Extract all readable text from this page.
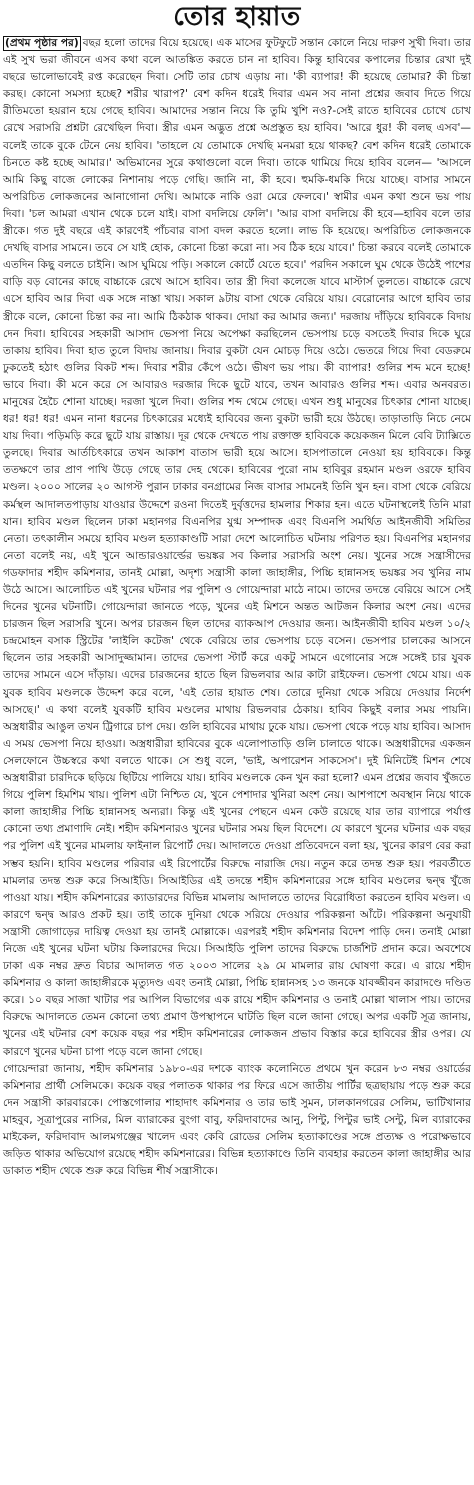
তোর হায়াত

(প্রথম পৃষ্ঠার পর) বছর হলো তাদের বিয়ে হয়েছে। এক মাসের ফুটফুটে সন্তান কোলে নিয়ে দারুণ সুখী দিবা। তার এই সুখ ভরা জীবনে এসব কথা বলে আতঙ্কিত করতে চান না হাবিব। কিন্তু হাবিবের কপালের চিন্তার রেখা দুই বছরে ভালোভাবেই রপ্ত করেছেন দিবা। সেটি তার চোখ এড়ায় না। 'কী ব্যাপার! কী হয়েছে তোমার? কী চিন্তা করছ। কোনো সমস্যা হচ্ছে? শরীর খারাপ?' বেশ কদিন ধরেই দিবার এমন সব নানা প্রশ্নের জবাব দিতে গিয়ে রীতিমতো হয়রান হয়ে গেছে হাবিব। আমাদের সন্তান নিয়ে কি তুমি খুশি নও?-সেই রাতে হাবিবের চোখে চোখ রেখে সরাসরি প্রশ্নটা রেখেছিল দিবা। স্ত্রীর এমন অদ্ভুত প্রশ্নে অপ্রস্তুত হয় হাবিব। 'আরে ধুর! কী বলছ এসব'—বলেই তাকে বুকে টেনে নেয় হাবিব। 'তাহলে যে তোমাকে দেখছি মনমরা হয়ে থাকছ? বেশ কদিন ধরেই তোমাকে চিনতে কষ্ট হচ্ছে আমার।' অভিমানের সুরে কথাগুলো বলে দিবা। তাকে থামিয়ে দিয়ে হাবিব বলেন— 'আসলে আমি কিছু বাজে লোকের নিশানায় পড়ে গেছি। জানি না, কী হবে। হুমকি-ধমকি দিয়ে যাচ্ছে। বাসার সামনে অপরিচিত লোকজনের আনাগোনা দেখি। আমাকে নাকি ওরা মেরে ফেলবে।' স্বামীর এমন কথা শুনে ভয় পায় দিবা। 'চল আমরা এখান থেকে চলে যাই। বাসা বদলিয়ে ফেলি'। 'আর বাসা বদলিয়ে কী হবে—হাবিব বলে তার স্ত্রীকে। গত দুই বছরে এই কারণেই পাঁচবার বাসা বদল করতে হলো। লাভ কি হয়েছে। অপরিচিত লোকজনকে দেখছি বাসার সামনে। তবে সে যাই হোক, কোনো চিন্তা করো না। সব ঠিক হয়ে যাবে।' চিন্তা করবে বলেই তোমাকে এতদিন কিছু বলতে চাইনি। আস ঘুমিয়ে পড়ি। সকালে কোর্টে যেতে হবে।' পরদিন সকালে ঘুম থেকে উঠেই পাশের বাড়ি বড় বোনের কাছে বাচ্চাকে রেখে আসে হাবিব। তার স্ত্রী দিবা কলেজে যাবে মাস্টার্স তুলতে। বাচ্চাকে রেখে এসে হাবিব আর দিবা এক সঙ্গে নাস্তা খায়। সকাল ৯টায় বাসা থেকে বেরিয়ে যায়। বেরোনোর আগে হাবিব তার স্ত্রীকে বলে, কোনো চিন্তা কর না। আমি ঠিকঠাক থাকব। দোয়া কর আমার জন্য।' দরজায় দাঁড়িয়ে হাবিবকে বিদায় দেন দিবা। হাবিবের সহকারী আসাদ ভেসপা নিয়ে অপেক্ষা করছিলেন ভেসপায় চড়ে বসতেই দিবার দিকে ঘুরে তাকায় হাবিব। দিবা হাত তুলে বিদায় জানায়। দিবার বুকটা যেন মোচড় দিয়ে ওঠে। ভেতরে গিয়ে দিবা বেডরুমে ঢুকতেই হঠাৎ গুলির বিকট শব্দ। দিবার শরীর কেঁপে ওঠে। ভীষণ ভয় পায়। কী ব্যাপার! গুলির শব্দ মনে হচ্ছে! ভাবে দিবা। কী মনে করে সে আবারও দরজার দিকে ছুটে যাবে, তখন আবারও গুলির শব্দ। এবার অনবরত। মানুষের হৈচৈ শোনা যাচ্ছে। দরজা খুলে দিবা। গুলির শব্দ থেমে গেছে। এখন শুধু মানুষের চিৎকার শোনা যাচ্ছে। ধর! ধর! ধর! এমন নানা ধরনের চিৎকারের মধ্যেই হাবিবের জন্য বুকটা ভারী হয়ে উঠছে। তাড়াতাড়ি নিচে নেমে যায় দিবা। পড়িমড়ি করে ছুটে যায় রাস্তায়। দূর থেকে দেখতে পায় রক্তাক্ত হাবিবকে কয়েকজন মিলে বেবি ট্যাক্সিতে তুলছে। দিবার আর্তচিৎকারে তখন আকাশ বাতাস ভারী হয়ে আসে। হাসপাতালে নেওয়া হয় হাবিবকে। কিন্তু ততক্ষণে তার প্রাণ পাখি উড়ে গেছে তার দেহ থেকে। হাবিবের পুরো নাম হাবিবুর রহমান মণ্ডল ওরফে হাবিব মণ্ডল। ২০০০ সালের ২০ আগস্ট পুরান ঢাকার বনগ্রামের নিজ বাসার সামনেই তিনি খুন হন। বাসা থেকে বেরিয়ে কর্মস্থল আদালতপাড়ায় যাওয়ার উদ্দেশে রওনা দিতেই দুর্বৃত্তদের হামলার শিকার হন। এতে ঘটনাস্থলেই তিনি মারা যান। হাবিব মণ্ডল ছিলেন ঢাকা মহানগর বিএনপির যুগ্ম সম্পাদক এবং বিএনপি সমর্থিত আইনজীবী সমিতির নেতা। তৎকালীন সময়ে হাবিব মণ্ডল হত্যাকাণ্ডটি সারা দেশে আলোচিত ঘটনায় পরিণত হয়। বিএনপির মহানগর নেতা বলেই নয়, এই খুনে আন্ডারওয়ার্ল্ডের ভয়ঙ্কর সব কিলার সরাসরি অংশ নেয়। খুনের সঙ্গে সন্ত্রাসীদের গডফাদার শহীদ কমিশনার, তানই মোল্লা, অদৃশ্য সন্ত্রাসী কালা জাহাঙ্গীর, পিচ্চি হান্নানসহ ভয়ঙ্কর সব খুনির নাম উঠে আসে। আলোচিত এই খুনের ঘটনার পর পুলিশ ও গোয়েন্দারা মাঠে নামে। তাদের তদন্তে বেরিয়ে আসে সেই দিনের খুনের ঘটনাটি। গোয়েন্দারা জানতে পড়ে, খুনের এই মিশনে অন্তত আটজন কিলার অংশ নেয়। এদের চারজন ছিল সরাসরি খুনে। অপর চারজন ছিল তাদের ব্যাকআপ দেওয়ার জন্য। আইনজীবী হাবিব মণ্ডল ১০/২ চন্দ্রমোহন বসাক স্ট্রিটের 'লাইলি কটেজ' থেকে বেরিয়ে তার ভেসপায় চড়ে বসেন। ভেসপার চালকের আসনে ছিলেন তার সহকারী আসাদুজ্জামান। তাদের ভেসপা স্টার্ট করে একটু সামনে এগোনোর সঙ্গে সঙ্গেই চার যুবক তাদের সামনে এসে দাঁড়ায়। এদের চারজনের হাতে ছিল রিভলবার আর কাটা রাইফেল। ভেসপা থেমে যায়। এক যুবক হাবিব মণ্ডলকে উদ্দেশ করে বলে, 'এই তোর হায়াত শেষ। তোরে দুনিয়া থেকে সরিয়ে দেওয়ার নির্দেশ আসছে।' এ কথা বলেই যুবকটি হাবিব মণ্ডলের মাথায় রিভলবার ঠেকায়। হাবিব কিছুই বলার সময় পায়নি। অস্ত্রধারীর আঙুল তখন ট্রিগারে চাপ দেয়। গুলি হাবিবের মাথায় ঢুকে যায়। ভেসপা থেকে পড়ে যায় হাবিব। আসাদ এ সময় ভেসপা নিয়ে হাওয়া। অস্ত্রধারীরা হাবিবের বুকে এলোপাতাড়ি গুলি চালাতে থাকে। অস্ত্রধারীদের একজন সেলফোনে উচ্চস্বরে কথা বলতে থাকে। সে শুধু বলে, 'ভাই, অপারেশন সাকসেস'। দুই মিনিটেই মিশন শেষে অস্ত্রধারীরা চারদিকে ছড়িয়ে ছিটিয়ে পালিয়ে যায়। হাবিব মণ্ডলকে কেন খুন করা হলো? এমন প্রশ্নের জবাব খুঁজতে গিয়ে পুলিশ হিমশিম খায়। পুলিশ এটা নিশ্চিত যে, খুনে পেশাদার খুনিরা অংশ নেয়। আশপাশে অবস্থান নিয়ে থাকে কালা জাহাঙ্গীর পিচ্চি হান্নানসহ অন্যরা। কিন্তু এই খুনের পেছনে এমন কেউ রয়েছে যার তার ব্যাপারে পর্যাপ্ত কোনো তথ্য প্রমাণাদি নেই। শহীদ কমিশনারও খুনের ঘটনার সময় ছিল বিদেশে। যে কারণে খুনের ঘটনার এক বছর পর পুলিশ এই খুনের মামলায় ফাইনাল রিপোর্ট দেয়। আদালতে দেওয়া প্রতিবেদনে বলা হয়, খুনের কারণ বের করা সম্ভব হয়নি। হাবিব মণ্ডলের পরিবার এই রিপোর্টের বিরুদ্ধে নারাজি দেয়। নতুন করে তদন্ত শুরু হয়। পরবর্তীতে মামলার তদন্ত শুরু করে সিআইডি। সিআইডির এই তদন্তে শহীদ কমিশনারের সঙ্গে হাবিব মণ্ডলের দ্বন্দ্ব খুঁজে পাওয়া যায়। শহীদ কমিশনারের ক্যাডারদের বিভিন্ন মামলায় আদালতে তাদের বিরোধিতা করতেন হাবিব মণ্ডল। এ কারণে দ্বন্দ্ব আরও প্রকট হয়। তাই তাকে দুনিয়া থেকে সরিয়ে দেওয়ার পরিকল্পনা আঁটে। পরিকল্পনা অনুযায়ী সন্ত্রাসী জোগাড়ের দায়িত্ব দেওয়া হয় তানই মোল্লাকে। এরপরই শহীদ কমিশনার বিদেশ পাড়ি দেন। তনাই মোল্লা নিজে এই খুনের ঘটনা ঘটায় কিলারদের দিয়ে। সিআইডি পুলিশ তাদের বিরুদ্ধে চার্জশিট প্রদান করে। অবশেষে ঢাকা এক নম্বর দ্রুত বিচার আদালত গত ২০০৩ সালের ২৯ মে মামলার রায় ঘোষণা করে। এ রায়ে শহীদ কমিশনার ও কালা জাহাঙ্গীরকে মৃত্যুদণ্ড এবং তনাই মোল্লা, পিচ্চি হান্নানসহ ১৩ জনকে যাবজ্জীবন কারাদণ্ডে দণ্ডিত করে। ১০ বছর সাজা খাটার পর আপিল বিভাগের এক রায়ে শহীদ কমিশনার ও তনাই মোল্লা খালাস পায়। তাদের বিরুদ্ধে আদালতে তেমন কোনো তথ্য প্রমাণ উপস্থাপনে ঘাটতি ছিল বলে জানা গেছে। অপর একটি সূত্র জানায়, খুনের এই ঘটনার বেশ কয়েক বছর পর শহীদ কমিশনারের লোকজন প্রভাব বিস্তার করে হাবিবের স্ত্রীর ওপর। যে কারণে খুনের ঘটনা চাপা পড়ে বলে জানা গেছে।

গোয়েন্দারা জানায়, শহীদ কমিশনার ১৯৮০-এর দশকে ব্যাংক কলোনিতে প্রথমে খুন করেন ৮৩ নম্বর ওয়ার্ডের কমিশনার প্রার্থী সেলিমকে। কয়েক বছর পলাতক থাকার পর ফিরে এসে জাতীয় পার্টির ছত্রছায়ায় পড়ে শুরু করে দেন সন্ত্রাসী কারবারকে। পোস্তগোলার শাহাদাৎ কমিশনার ও তার ভাই সুমন, ঢালকানগরের সেলিম, ভাটিখানার মাহবুব, সূত্রাপুরের নাসির, মিল ব্যারাকের বুংগা বাবু, ফরিদাবাদের আনু, পিন্টু, পিন্টুর ভাই সেন্টু, মিল ব্যারাকের মাইকেল, ফরিদাবাদ আলমগঞ্জের খালেদ এবং কেবি রোডের সেলিম হত্যাকাণ্ডের সঙ্গে প্রত্যক্ষ ও পরোক্ষভাবে জড়িত থাকার অভিযোগ রয়েছে শহীদ কমিশনারের। বিভিন্ন হত্যাকাণ্ডে তিনি ব্যবহার করতেন কালা জাহাঙ্গীর আর ডাকাত শহীদ থেকে শুরু করে বিভিন্ন শীর্ষ সন্ত্রাসীকে।
